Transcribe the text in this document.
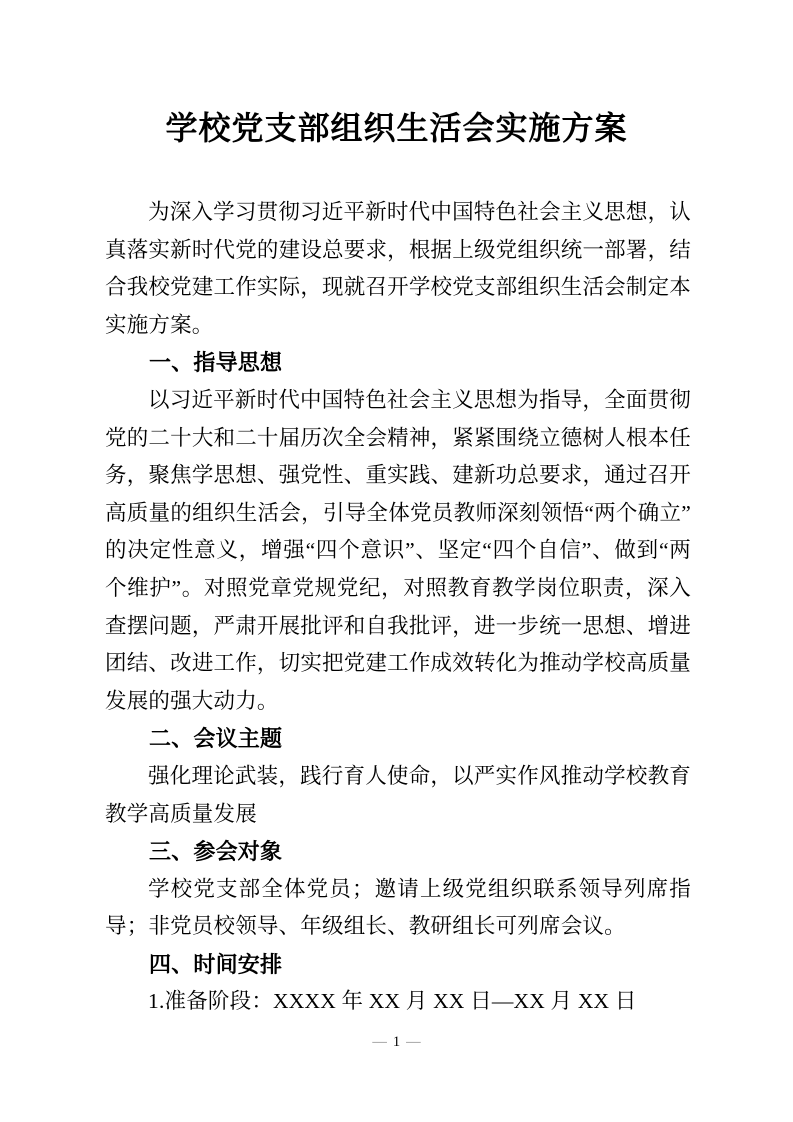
学校党支部组织生活会实施方案

为深入学习贯彻习近平新时代中国特色社会主义思想，认真落实新时代党的建设总要求，根据上级党组织统一部署，结合我校党建工作实际，现就召开学校党支部组织生活会制定本实施方案。

一、指导思想

以习近平新时代中国特色社会主义思想为指导，全面贯彻党的二十大和二十届历次全会精神，紧紧围绕立德树人根本任务，聚焦学思想、强党性、重实践、建新功总要求，通过召开高质量的组织生活会，引导全体党员教师深刻领悟“两个确立”的决定性意义，增强“四个意识”、坚定“四个自信”、做到“两个维护”。对照党章党规党纪，对照教育教学岗位职责，深入查摆问题，严肃开展批评和自我批评，进一步统一思想、增进团结、改进工作，切实把党建工作成效转化为推动学校高质量发展的强大动力。

二、会议主题

强化理论武装，践行育人使命，以严实作风推动学校教育教学高质量发展

三、参会对象

学校党支部全体党员；邀请上级党组织联系领导列席指导；非党员校领导、年级组长、教研组长可列席会议。

四、时间安排

1.准备阶段：XXXX 年 XX 月 XX 日—XX 月 XX 日

— 1 —
